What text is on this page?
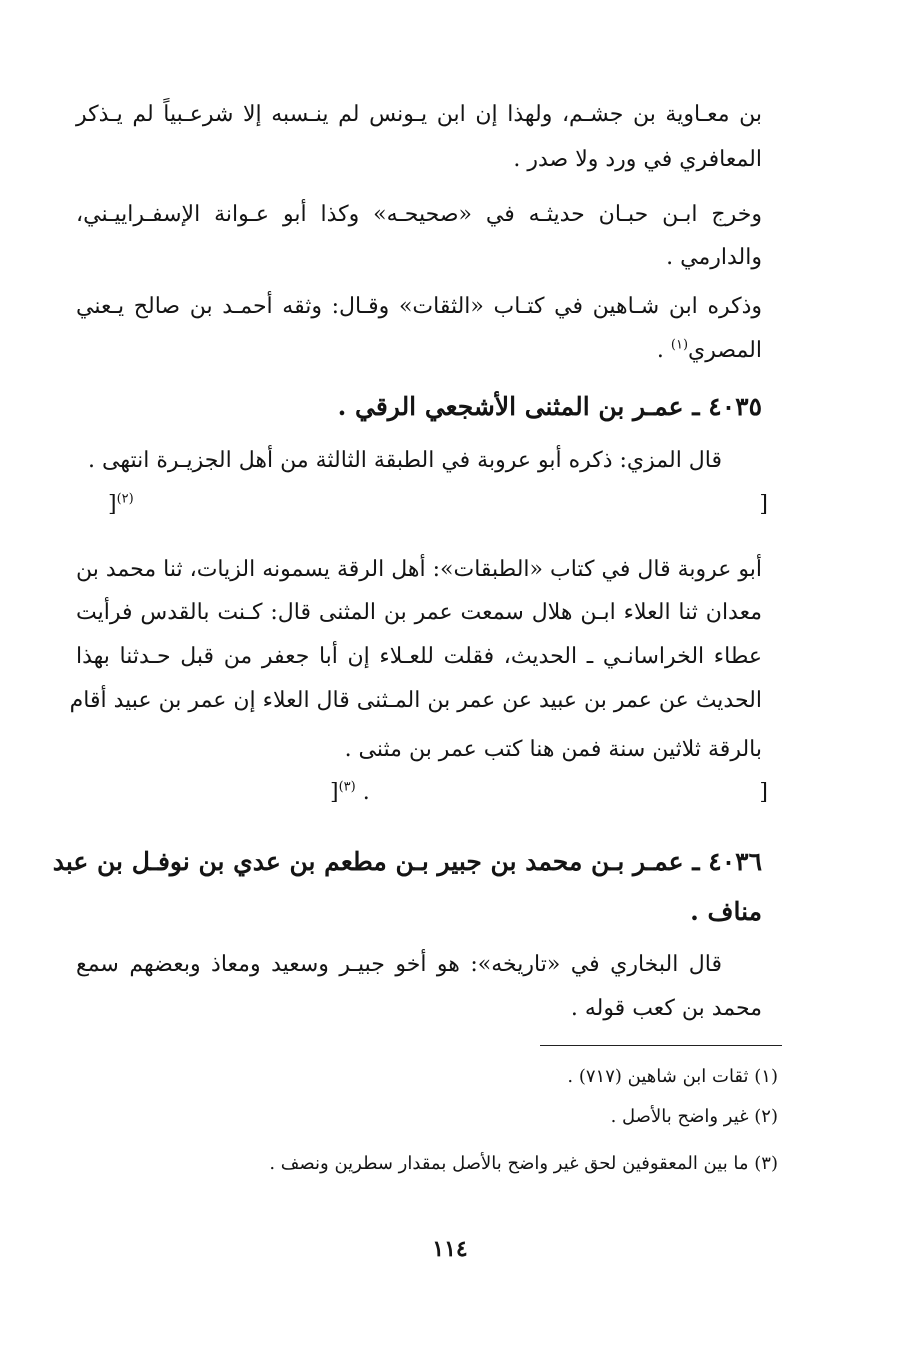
بن معـاوية بن جشـم، ولهذا إن ابن يـونس لم ينـسبه إلا شرعـبياً لم يـذكر
المعافري في ورد ولا صدر .
وخرج ابـن حبـان حديثـه في «صحيحـه» وكذا أبو عـوانة الإسفـراييـني،
والدارمي .
وذكره ابن شـاهين في كتـاب «الثقات» وقـال: وثقه أحمـد بن صالح يـعني
المصري$^{(١)}$ .
٤٠٣٥ ـ عمـر بن المثنى الأشجعي الرقي .
قال المزي: ذكره أبو عروبة في الطبقة الثالثة من أهل الجزيـرة انتهى .
]
$^{(٢)}$[
أبو عروبة قال في كتاب «الطبقات»: أهل الرقة يسمونه الزيات، ثنا محمد بن
معدان ثنا العلاء ابـن هلال سمعت عمر بن المثنى قال: كـنت بالقدس فرأيت
عطاء الخراسانـي ـ الحديث، فقلت للعـلاء إن أبا جعفر من قبل حـدثنا بهذا
الحديث عن عمر بن عبيد عن عمر بن المـثنى قال العلاء إن عمر بن عبيد أقام
بالرقة ثلاثين سنة فمن هنا كتب عمر بن مثنى .
]
. $^{(٣)}$[
٤٠٣٦ ـ عمـر بـن محمد بن جبير بـن مطعم بن عدي بن نوفـل بن عبد
مناف .
قال البخاري في «تاريخه»: هو أخو جبيـر وسعيد ومعاذ وبعضهم سمع
محمد بن كعب قوله .
(١) ثقات ابن شاهين (٧١٧) .
(٢) غير واضح بالأصل .
(٣) ما بين المعقوفين لحق غير واضح بالأصل بمقدار سطرين ونصف .
١١٤
